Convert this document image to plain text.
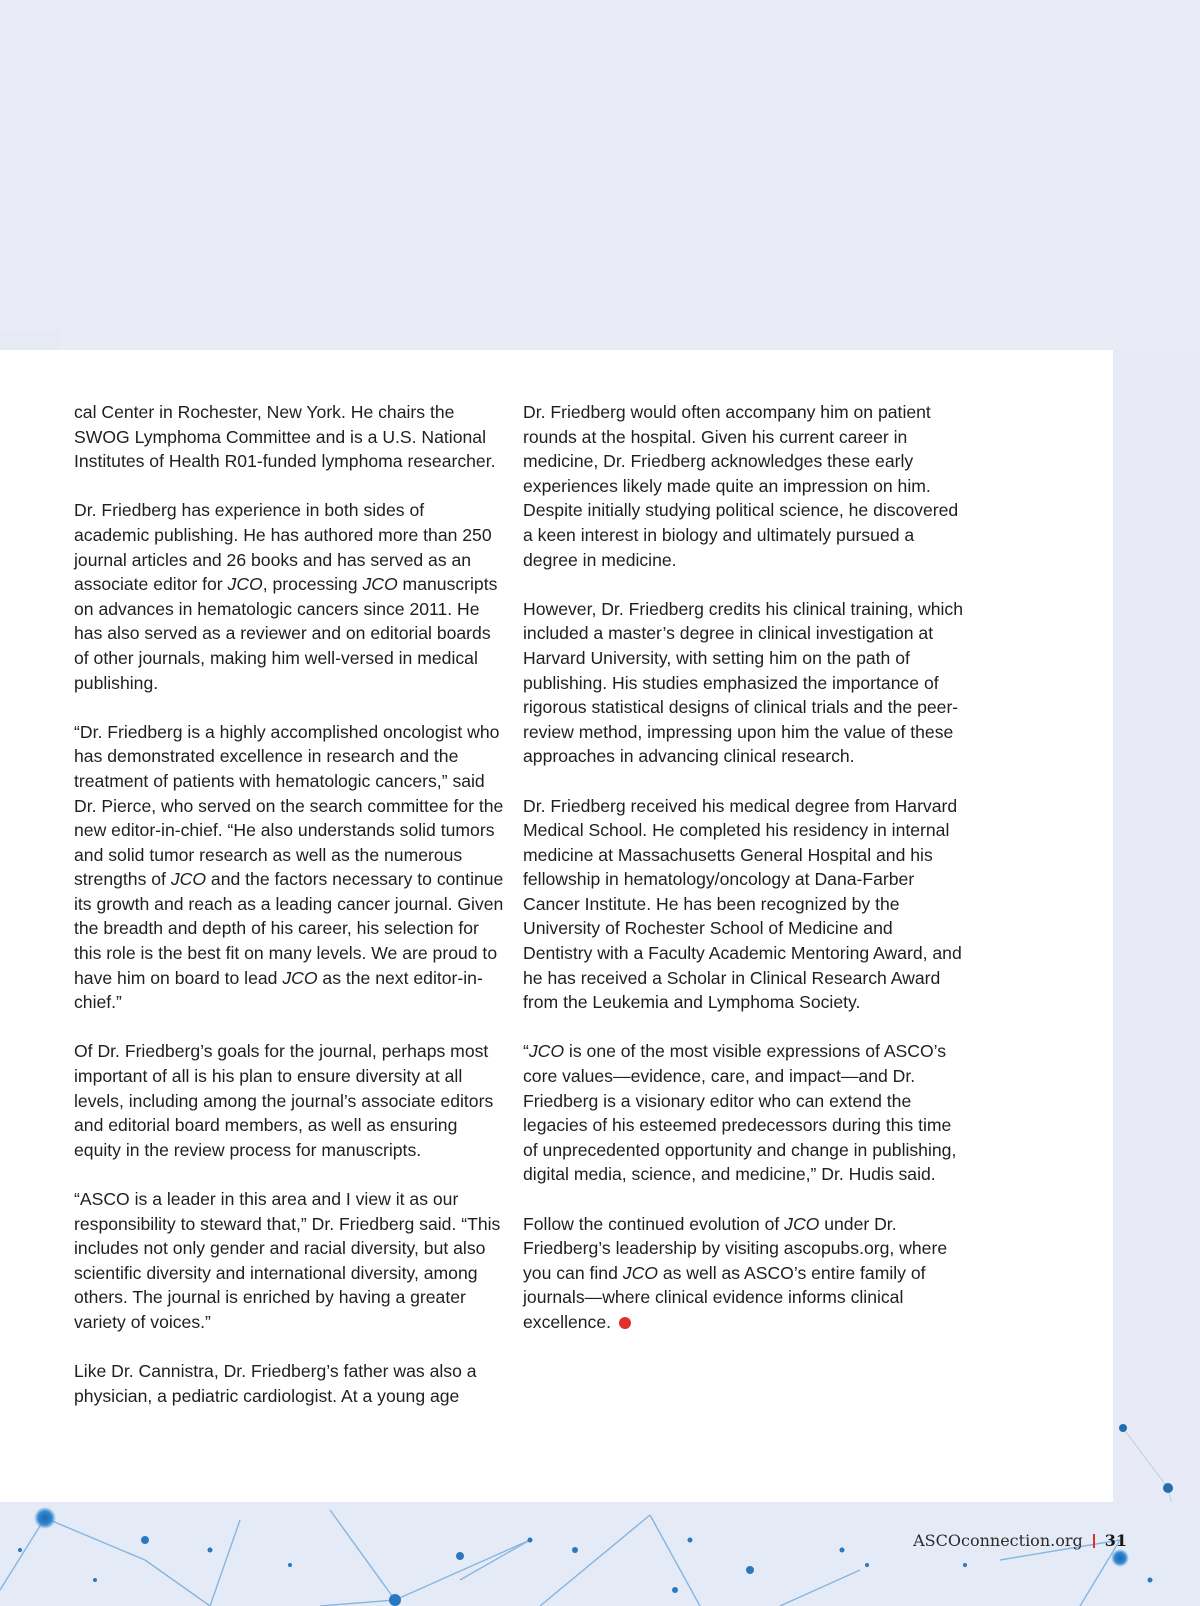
cal Center in Rochester, New York. He chairs the SWOG Lymphoma Committee and is a U.S. National Institutes of Health R01-funded lymphoma researcher.

Dr. Friedberg has experience in both sides of academic publishing. He has authored more than 250 journal articles and 26 books and has served as an associate editor for JCO, processing JCO manuscripts on advances in hematologic cancers since 2011. He has also served as a reviewer and on editorial boards of other journals, making him well-versed in medical publishing.

“Dr. Friedberg is a highly accomplished oncologist who has demonstrated excellence in research and the treatment of patients with hematologic cancers,” said Dr. Pierce, who served on the search committee for the new editor-in-chief. “He also understands solid tumors and solid tumor research as well as the numerous strengths of JCO and the factors necessary to continue its growth and reach as a leading cancer journal. Given the breadth and depth of his career, his selection for this role is the best fit on many levels. We are proud to have him on board to lead JCO as the next editor-in-chief.”

Of Dr. Friedberg’s goals for the journal, perhaps most important of all is his plan to ensure diversity at all levels, including among the journal’s associate editors and editorial board members, as well as ensuring equity in the review process for manuscripts.

“ASCO is a leader in this area and I view it as our responsibility to steward that,” Dr. Friedberg said. “This includes not only gender and racial diversity, but also scientific diversity and international diversity, among others. The journal is enriched by having a greater variety of voices.”

Like Dr. Cannistra, Dr. Friedberg’s father was also a physician, a pediatric cardiologist. At a young age

Dr. Friedberg would often accompany him on patient rounds at the hospital. Given his current career in medicine, Dr. Friedberg acknowledges these early experiences likely made quite an impression on him. Despite initially studying political science, he discovered a keen interest in biology and ultimately pursued a degree in medicine.

However, Dr. Friedberg credits his clinical training, which included a master’s degree in clinical investigation at Harvard University, with setting him on the path of publishing. His studies emphasized the importance of rigorous statistical designs of clinical trials and the peer-review method, impressing upon him the value of these approaches in advancing clinical research.

Dr. Friedberg received his medical degree from Harvard Medical School. He completed his residency in internal medicine at Massachusetts General Hospital and his fellowship in hematology/oncology at Dana-Farber Cancer Institute. He has been recognized by the University of Rochester School of Medicine and Dentistry with a Faculty Academic Mentoring Award, and he has received a Scholar in Clinical Research Award from the Leukemia and Lymphoma Society.

“JCO is one of the most visible expressions of ASCO’s core values—evidence, care, and impact—and Dr. Friedberg is a visionary editor who can extend the legacies of his esteemed predecessors during this time of unprecedented opportunity and change in publishing, digital media, science, and medicine,” Dr. Hudis said.

Follow the continued evolution of JCO under Dr. Friedberg’s leadership by visiting ascopubs.org, where you can find JCO as well as ASCO’s entire family of journals—where clinical evidence informs clinical excellence.

ASCOconnection.org 31
